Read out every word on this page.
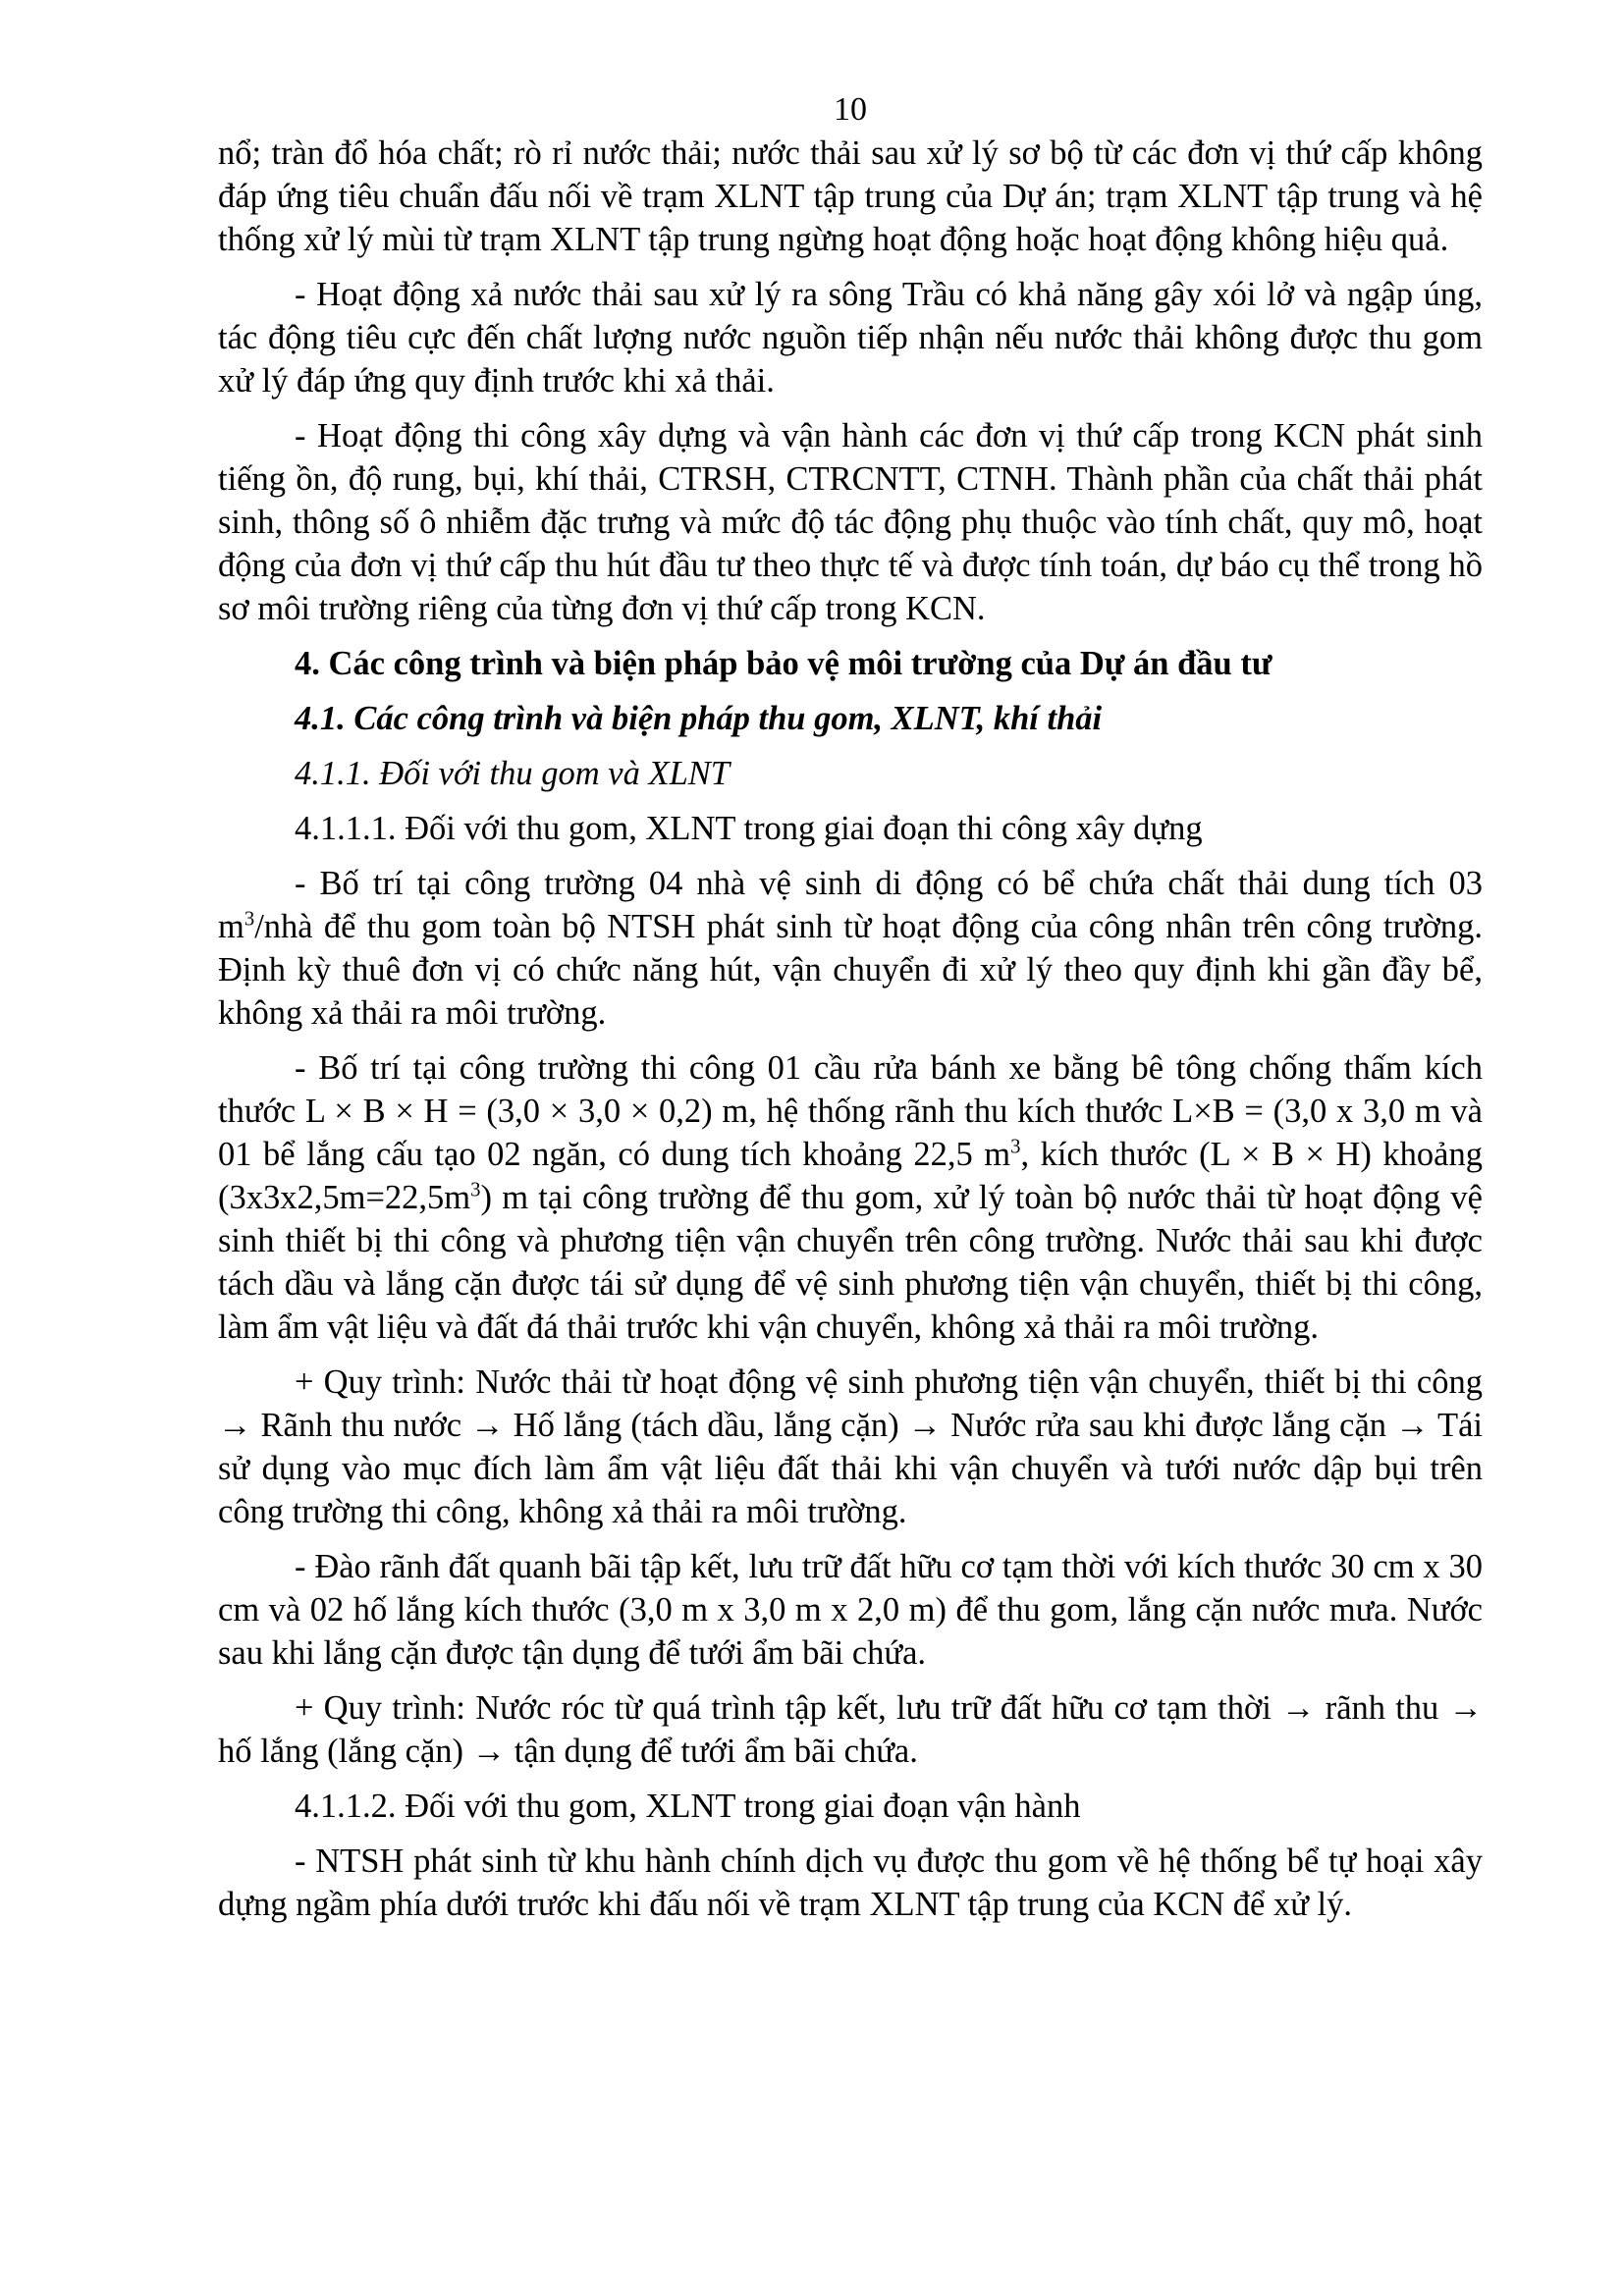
10

nổ; tràn đổ hóa chất; rò rỉ nước thải; nước thải sau xử lý sơ bộ từ các đơn vị thứ cấp không đáp ứng tiêu chuẩn đấu nối về trạm XLNT tập trung của Dự án; trạm XLNT tập trung và hệ thống xử lý mùi từ trạm XLNT tập trung ngừng hoạt động hoặc hoạt động không hiệu quả.

- Hoạt động xả nước thải sau xử lý ra sông Trầu có khả năng gây xói lở và ngập úng, tác động tiêu cực đến chất lượng nước nguồn tiếp nhận nếu nước thải không được thu gom xử lý đáp ứng quy định trước khi xả thải.

- Hoạt động thi công xây dựng và vận hành các đơn vị thứ cấp trong KCN phát sinh tiếng ồn, độ rung, bụi, khí thải, CTRSH, CTRCNTT, CTNH. Thành phần của chất thải phát sinh, thông số ô nhiễm đặc trưng và mức độ tác động phụ thuộc vào tính chất, quy mô, hoạt động của đơn vị thứ cấp thu hút đầu tư theo thực tế và được tính toán, dự báo cụ thể trong hồ sơ môi trường riêng của từng đơn vị thứ cấp trong KCN.

4. Các công trình và biện pháp bảo vệ môi trường của Dự án đầu tư

4.1. Các công trình và biện pháp thu gom, XLNT, khí thải

4.1.1. Đối với thu gom và XLNT

4.1.1.1. Đối với thu gom, XLNT trong giai đoạn thi công xây dựng

- Bố trí tại công trường 04 nhà vệ sinh di động có bể chứa chất thải dung tích 03 $m^3$/nhà để thu gom toàn bộ NTSH phát sinh từ hoạt động của công nhân trên công trường. Định kỳ thuê đơn vị có chức năng hút, vận chuyển đi xử lý theo quy định khi gần đầy bể, không xả thải ra môi trường.

- Bố trí tại công trường thi công 01 cầu rửa bánh xe bằng bê tông chống thấm kích thước L × B × H = (3,0 × 3,0 × 0,2) m, hệ thống rãnh thu kích thước L×B = (3,0 x 3,0 m và 01 bể lắng cấu tạo 02 ngăn, có dung tích khoảng 22,5 $m^3$, kích thước (L × B × H) khoảng $(3x3x2,5m=22,5m^3)$ m tại công trường để thu gom, xử lý toàn bộ nước thải từ hoạt động vệ sinh thiết bị thi công và phương tiện vận chuyển trên công trường. Nước thải sau khi được tách dầu và lắng cặn được tái sử dụng để vệ sinh phương tiện vận chuyển, thiết bị thi công, làm ẩm vật liệu và đất đá thải trước khi vận chuyển, không xả thải ra môi trường.

+ Quy trình: Nước thải từ hoạt động vệ sinh phương tiện vận chuyển, thiết bị thi công → Rãnh thu nước → Hố lắng (tách dầu, lắng cặn) → Nước rửa sau khi được lắng cặn → Tái sử dụng vào mục đích làm ẩm vật liệu đất thải khi vận chuyển và tưới nước dập bụi trên công trường thi công, không xả thải ra môi trường.

- Đào rãnh đất quanh bãi tập kết, lưu trữ đất hữu cơ tạm thời với kích thước 30 cm x 30 cm và 02 hố lắng kích thước (3,0 m x 3,0 m x 2,0 m) để thu gom, lắng cặn nước mưa. Nước sau khi lắng cặn được tận dụng để tưới ẩm bãi chứa.

+ Quy trình: Nước róc từ quá trình tập kết, lưu trữ đất hữu cơ tạm thời → rãnh thu → hố lắng (lắng cặn) → tận dụng để tưới ẩm bãi chứa.

4.1.1.2. Đối với thu gom, XLNT trong giai đoạn vận hành

- NTSH phát sinh từ khu hành chính dịch vụ được thu gom về hệ thống bể tự hoại xây dựng ngầm phía dưới trước khi đấu nối về trạm XLNT tập trung của KCN để xử lý.
